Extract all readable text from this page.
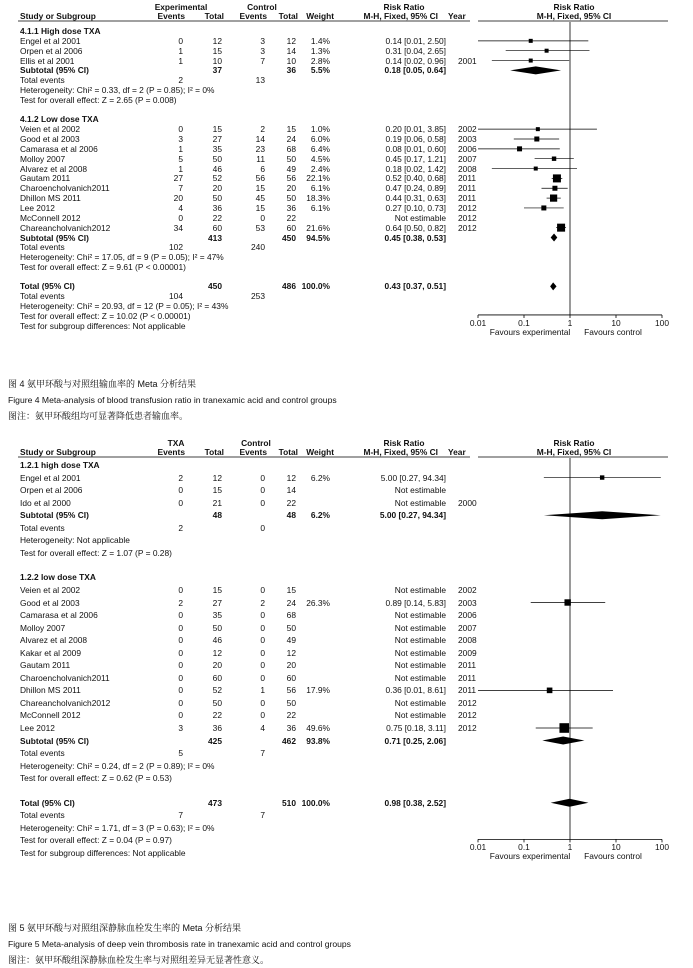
Experimental	Control	Risk Ratio	Risk Ratio
Study or Subgroup	Events	Total	Events	Total Weight	M-H, Fixed, 95% CI Year	M-H, Fixed, 95% CI
4.1.1 High dose TXA
Engel et al 2001	0	12	3	12	1.4%	0.14 [0.01, 2.50]
Orpen et al 2006	1	15	3	14	1.3%	0.31 [0.04, 2.65]
Ellis et al 2001	1	10	7	10	2.8%	0.14 [0.02, 0.96] 2001
Subtotal (95% CI)	37	36	5.5%	0.18 [0.05, 0.64]
Total events	2	13
Heterogeneity: Chi² = 0.33, df = 2 (P = 0.85); I² = 0%
Test for overall effect: Z = 2.65 (P = 0.008)
4.1.2 Low dose TXA
Veien et al 2002	0	15	2	15	1.0%	0.20 [0.01, 3.85] 2002
Good et al 2003	3	27	14	24	6.0%	0.19 [0.06, 0.58] 2003
Camarasa et al 2006	1	35	23	68	6.4%	0.08 [0.01, 0.60] 2006
Molloy 2007	5	50	11	50	4.5%	0.45 [0.17, 1.21] 2007
Alvarez et al 2008	1	46	6	49	2.4%	0.18 [0.02, 1.42] 2008
Gautam 2011	27	52	56	56	22.1%	0.52 [0.40, 0.68] 2011
Charoencholvanich2011	7	20	15	20	6.1%	0.47 [0.24, 0.89] 2011
Dhillon MS 2011	20	50	45	50	18.3%	0.44 [0.31, 0.63] 2011
Lee 2012	4	36	15	36	6.1%	0.27 [0.10, 0.73] 2012
McConnell 2012	0	22	0	22	Not estimable 2012
Chareancholvanich2012	34	60	53	60	21.6%	0.64 [0.50, 0.82] 2012
Subtotal (95% CI)	413	450	94.5%	0.45 [0.38, 0.53]
Total events	102	240
Heterogeneity: Chi² = 17.05, df = 9 (P = 0.05); I² = 47%
Test for overall effect: Z = 9.61 (P < 0.00001)
Total (95% CI)	450	486 100.0%	0.43 [0.37, 0.51]
Total events	104	253
Heterogeneity: Chi² = 20.93, df = 12 (P = 0.05); I² = 43%
Test for overall effect: Z = 10.02 (P < 0.00001)
Test for subgroup differences: Not applicable	0.01	0.1	1	10	100
Favours experimental	Favours control
图 4 氨甲环酸与对照组输血率的 Meta 分析结果
Figure 4 Meta-analysis of blood transfusion ratio in tranexamic acid and control groups
图注：氨甲环酸组均可显著降低患者输血率。
TXA	Control	Risk Ratio	Risk Ratio
Study or Subgroup	Events	Total	Events	Total Weight	M-H, Fixed, 95% CI Year	M-H, Fixed, 95% CI
1.2.1 high dose TXA
Engel et al 2001	2	12	0	12	6.2%	5.00 [0.27, 94.34]
Orpen et al 2006	0	15	0	14	Not estimable
Ido et al 2000	0	21	0	22	Not estimable 2000
Subtotal (95% CI)	48	48	6.2%	5.00 [0.27, 94.34]
Total events	2	0
Heterogeneity: Not applicable
Test for overall effect: Z = 1.07 (P = 0.28)
1.2.2 low dose TXA
Veien et al 2002	0	15	0	15	Not estimable 2002
Good et al 2003	2	27	2	24	26.3%	0.89 [0.14, 5.83] 2003
Camarasa et al 2006	0	35	0	68	Not estimable 2006
Molloy 2007	0	50	0	50	Not estimable 2007
Alvarez et al 2008	0	46	0	49	Not estimable 2008
Kakar et al 2009	0	12	0	12	Not estimable 2009
Gautam 2011	0	20	0	20	Not estimable 2011
Charoencholvanich2011	0	60	0	60	Not estimable 2011
Dhillon MS 2011	0	52	1	56	17.9%	0.36 [0.01, 8.61] 2011
Chareancholvanich2012	0	50	0	50	Not estimable 2012
McConnell 2012	0	22	0	22	Not estimable 2012
Lee 2012	3	36	4	36	49.6%	0.75 [0.18, 3.11] 2012
Subtotal (95% CI)	425	462	93.8%	0.71 [0.25, 2.06]
Total events	5	7
Heterogeneity: Chi² = 0.24, df = 2 (P = 0.89); I² = 0%
Test for overall effect: Z = 0.62 (P = 0.53)
Total (95% CI)	473	510 100.0%	0.98 [0.38, 2.52]
Total events	7	7
Heterogeneity: Chi² = 1.71, df = 3 (P = 0.63); I² = 0%
Test for overall effect: Z = 0.04 (P = 0.97)
Test for subgroup differences: Not applicable
0.01	0.1	1	10	100
Favours experimental	Favours control
图 5 氨甲环酸与对照组深静脉血栓发生率的 Meta 分析结果
Figure 5 Meta-analysis of deep vein thrombosis rate in tranexamic acid and control groups
图注：氨甲环酸组深静脉血栓发生率与对照组差异无显著性意义。
